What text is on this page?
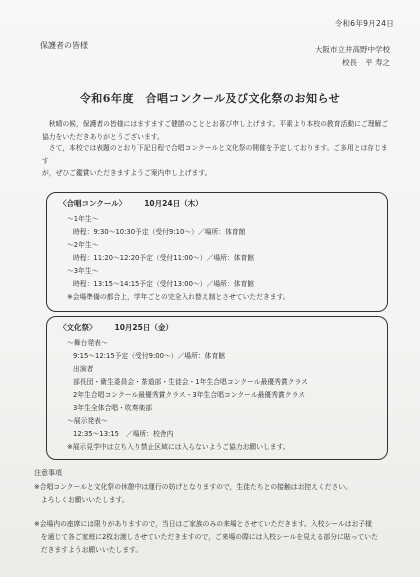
令和6年9月24日
保護者の皆様	大阪市立井高野中学校
校長 平 寿之
令和6年度　合唱コンクール及び文化祭のお知らせ
　秋晴の候，保護者の皆様にはますますご健勝のこととお喜び申し上げます。平素より本校の教育活動にご理解ご
協力をいただきありがとうございます。
　さて，本校では表題のとおり下記日程で合唱コンクールと文化祭の開催を予定しております。ご多用とは存じます
が，ぜひご鑑賞いただきますようご案内申し上げます。
〈合唱コンクール〉 10月24日（木）
〜1年生〜
時程：9:30〜10:30予定（受付9:10〜）／場所：体育館
〜2年生〜
時程：11:20〜12:20予定（受付11:00〜）／場所：体育館
〜3年生〜
時程：13:15〜14:15予定（受付13:00〜）／場所：体育館
※会場準備の都合上，学年ごとの完全入れ替え制とさせていただきます。
〈文化祭〉 10月25日（金）
〜舞台発表〜
9:15〜12:15予定（受付9:00〜）／場所：体育館
出演者
部長団・衛生委員会・茶道部・生徒会・1年生合唱コンクール最優秀賞クラス
2年生合唱コンクール最優秀賞クラス・3年生合唱コンクール最優秀賞クラス
3年生全体合唱・吹奏楽部
〜展示発表〜
12:35〜13:15　／場所：校舎内
※展示見学中は立ち入り禁止区域には入らないようご協力お願いします。
注意事項
※合唱コンクールと文化祭の休憩中は運行の妨げとなりますので，生徒たちとの接触はお控えください。
　よろしくお願いいたします。
※会場内の座席には限りがありますので，当日はご家族のみの来場とさせていただきます。入校シールはお子様
　を通じて各ご家庭に2枚お渡しさせていただきますので，ご来場の際には入校シールを見える部分に貼っていた
　だきますようお願いいたします。
